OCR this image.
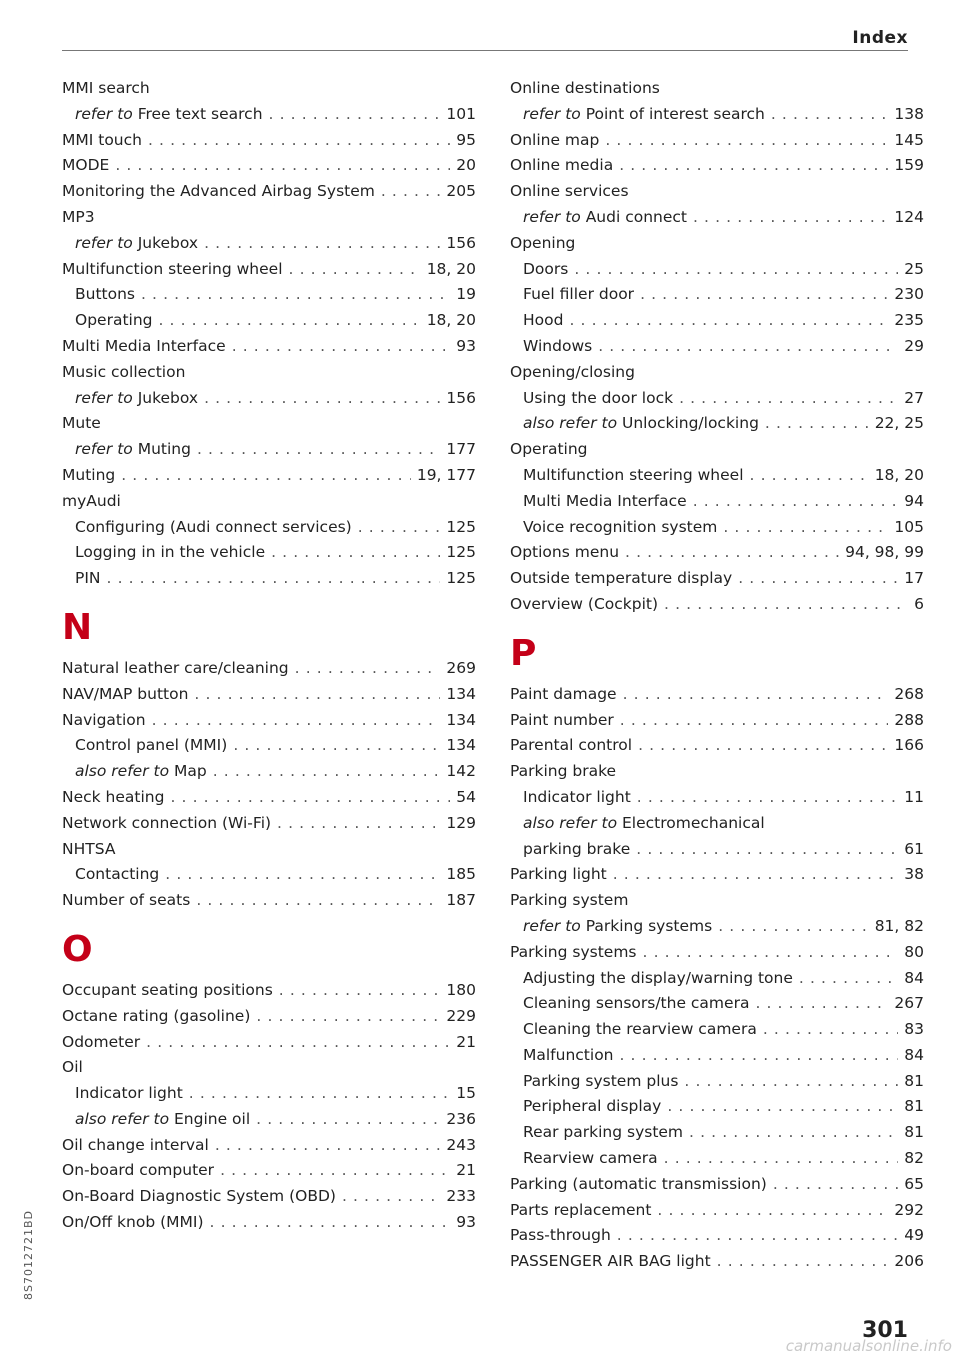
Index
MMI search
refer to Free text search . . .	101
MMI touch . . .	95
MODE . . .	20
Monitoring the Advanced Airbag System . . .	205
MP3
refer to Jukebox . . .	156
Multifunction steering wheel . . .	18, 20
Buttons . . .	19
Operating . . .	18, 20
Multi Media Interface . . .	93
Music collection
refer to Jukebox . . .	156
Mute
refer to Muting . . .	177
Muting . . .	19, 177
myAudi
Configuring (Audi connect services) . . .	125
Logging in in the vehicle . . .	125
PIN . . .	125
N
Natural leather care/cleaning . . .	269
NAV/MAP button . . .	134
Navigation . . .	134
Control panel (MMI) . . .	134
also refer to Map . . .	142
Neck heating . . .	54
Network connection (Wi-Fi) . . .	129
NHTSA
Contacting . . .	185
Number of seats . . .	187
O
Occupant seating positions . . .	180
Octane rating (gasoline) . . .	229
Odometer . . .	21
Oil
Indicator light . . .	15
also refer to Engine oil . . .	236
Oil change interval . . .	243
On-board computer . . .	21
On-Board Diagnostic System (OBD) . . .	233
On/Off knob (MMI) . . .	93
Online destinations
refer to Point of interest search . . .	138
Online map . . .	145
Online media . . .	159
Online services
refer to Audi connect . . .	124
Opening
Doors . . .	25
Fuel filler door . . .	230
Hood . . .	235
Windows . . .	29
Opening/closing
Using the door lock . . .	27
also refer to Unlocking/locking . . .	22, 25
Operating
Multifunction steering wheel . . .	18, 20
Multi Media Interface . . .	94
Voice recognition system . . .	105
Options menu . . .	94, 98, 99
Outside temperature display . . .	17
Overview (Cockpit) . . .	6
P
Paint damage . . .	268
Paint number . . .	288
Parental control . . .	166
Parking brake
Indicator light . . .	11
also refer to Electromechanical
parking brake . . .	61
Parking light . . .	38
Parking system
refer to Parking systems . . .	81, 82
Parking systems . . .	80
Adjusting the display/warning tone . . .	84
Cleaning sensors/the camera . . .	267
Cleaning the rearview camera . . .	83
Malfunction . . .	84
Parking system plus . . .	81
Peripheral display . . .	81
Rear parking system . . .	81
Rearview camera . . .	82
Parking (automatic transmission) . . .	65
Parts replacement . . .	292
Pass-through . . .	49
PASSENGER AIR BAG light . . .	206
301
8S7012721BD
carmanualsonline.info
